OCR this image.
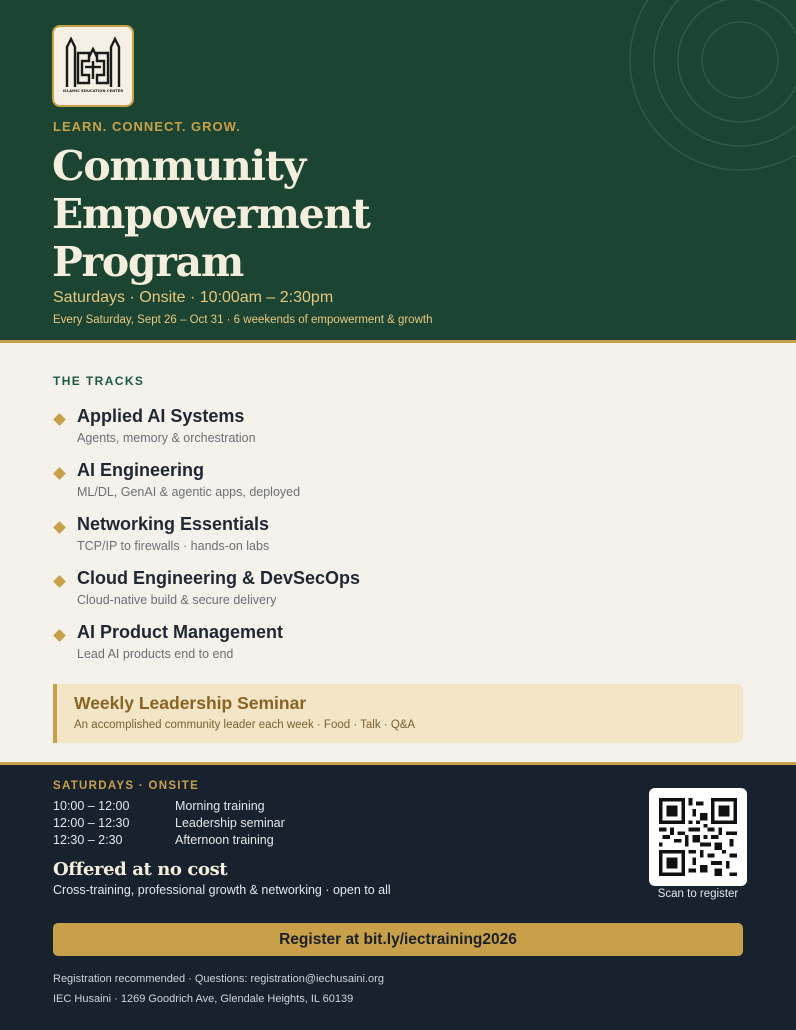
ISLAMIC EDUCATION CENTER
LEARN. CONNECT. GROW.
Community
Empowerment
Program
Saturdays · Onsite · 10:00am – 2:30pm
Every Saturday, Sept 26 – Oct 31 · 6 weekends of empowerment & growth
THE TRACKS
Applied AI Systems
Agents, memory & orchestration
AI Engineering
ML/DL, GenAI & agentic apps, deployed
Networking Essentials
TCP/IP to firewalls · hands-on labs
Cloud Engineering & DevSecOps
Cloud-native build & secure delivery
AI Product Management
Lead AI products end to end
Weekly Leadership Seminar
An accomplished community leader each week · Food · Talk · Q&A
SATURDAYS · ONSITE
10:00 – 12:00	Morning training
12:00 – 12:30	Leadership seminar
12:30 – 2:30	Afternoon training
Offered at no cost
Cross-training, professional growth & networking · open to all	Scan to register
Register at bit.ly/iectraining2026
Registration recommended · Questions: registration@iechusaini.org
IEC Husaini · 1269 Goodrich Ave, Glendale Heights, IL 60139
